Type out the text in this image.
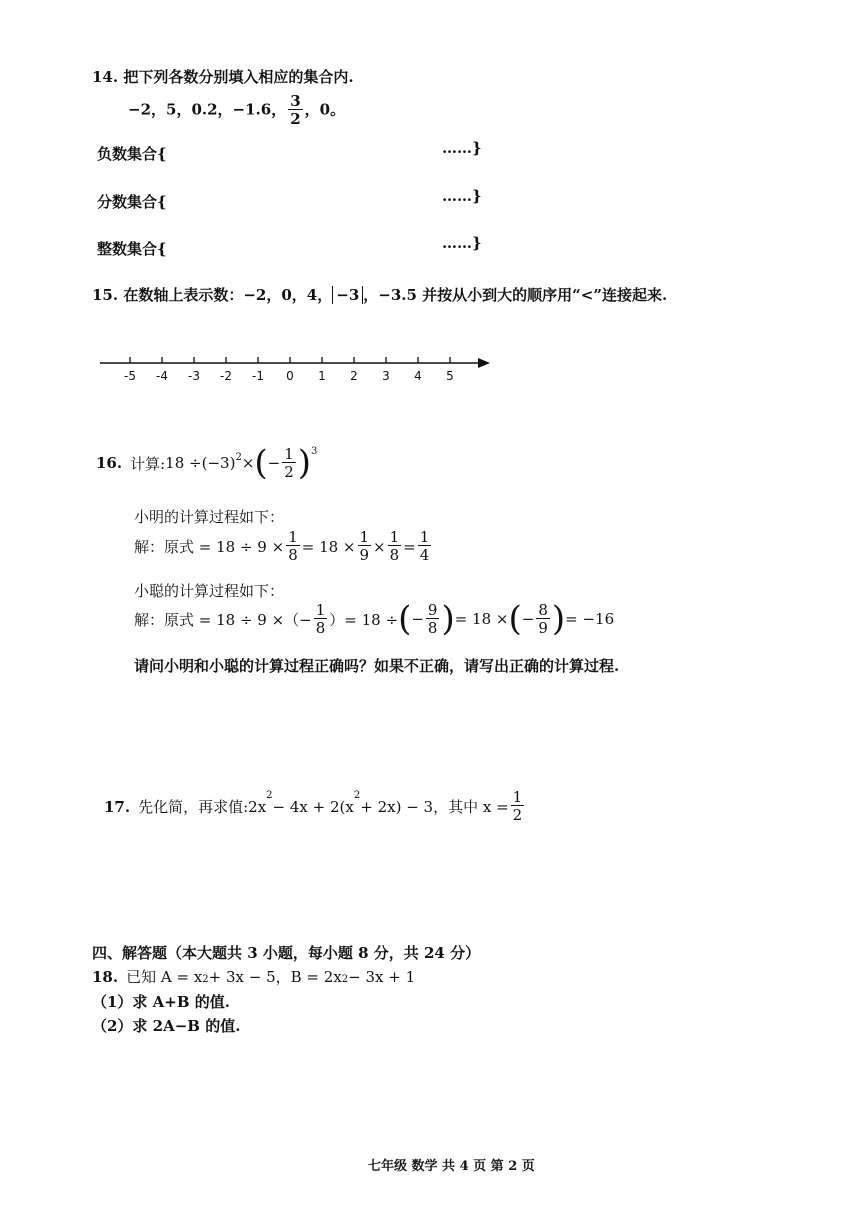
14. 把下列各数分别填入相应的集合内.
−2，5，0.2，−1.6， $\frac{3}{2}$ ，0。
负数集合{	……}
分数集合{	……}
整数集合{	……}
15. 在数轴上表示数：−2，0，4， −3 ，−3.5 并按从小到大的顺序用“<”连接起来.
-5 -4 -3 -2 -1 0 1 2 3 4 5
16. 计算: $18 \div (-3)^2$ × ( − $\frac{1}{2} )^3$
小明的计算过程如下：
解：原式 = $18 \div 9 \times \frac{1}{8} = 18 \times \frac{1}{9} \times \frac{1}{8} = \frac{1}{4}$
小聪的计算过程如下：
解：原式 = 18 ÷ 9 ×（− $\frac{1}{8}$ ）= 18 ÷ ( − $\frac{9}{8}$ ) = 18 × ( − $\frac{8}{9}$ ) = −16
请问小明和小聪的计算过程正确吗？如果不正确，请写出正确的计算过程.
17. 先化简，再求值:2x
$^2$
− 4x + 2(x
$^2$
+ 2x) − 3，其中 $x = \frac{1}{2}$
四、解答题（本大题共 3 小题，每小题 8 分，共 24 分）
18. 已知 $A = x_2 + 3x - 5$，$B = 2x_2 - 3x + 1$
（1）求 A+B 的值.
（2）求 2A−B 的值.
七年级 数学 共 4 页 第 2 页
